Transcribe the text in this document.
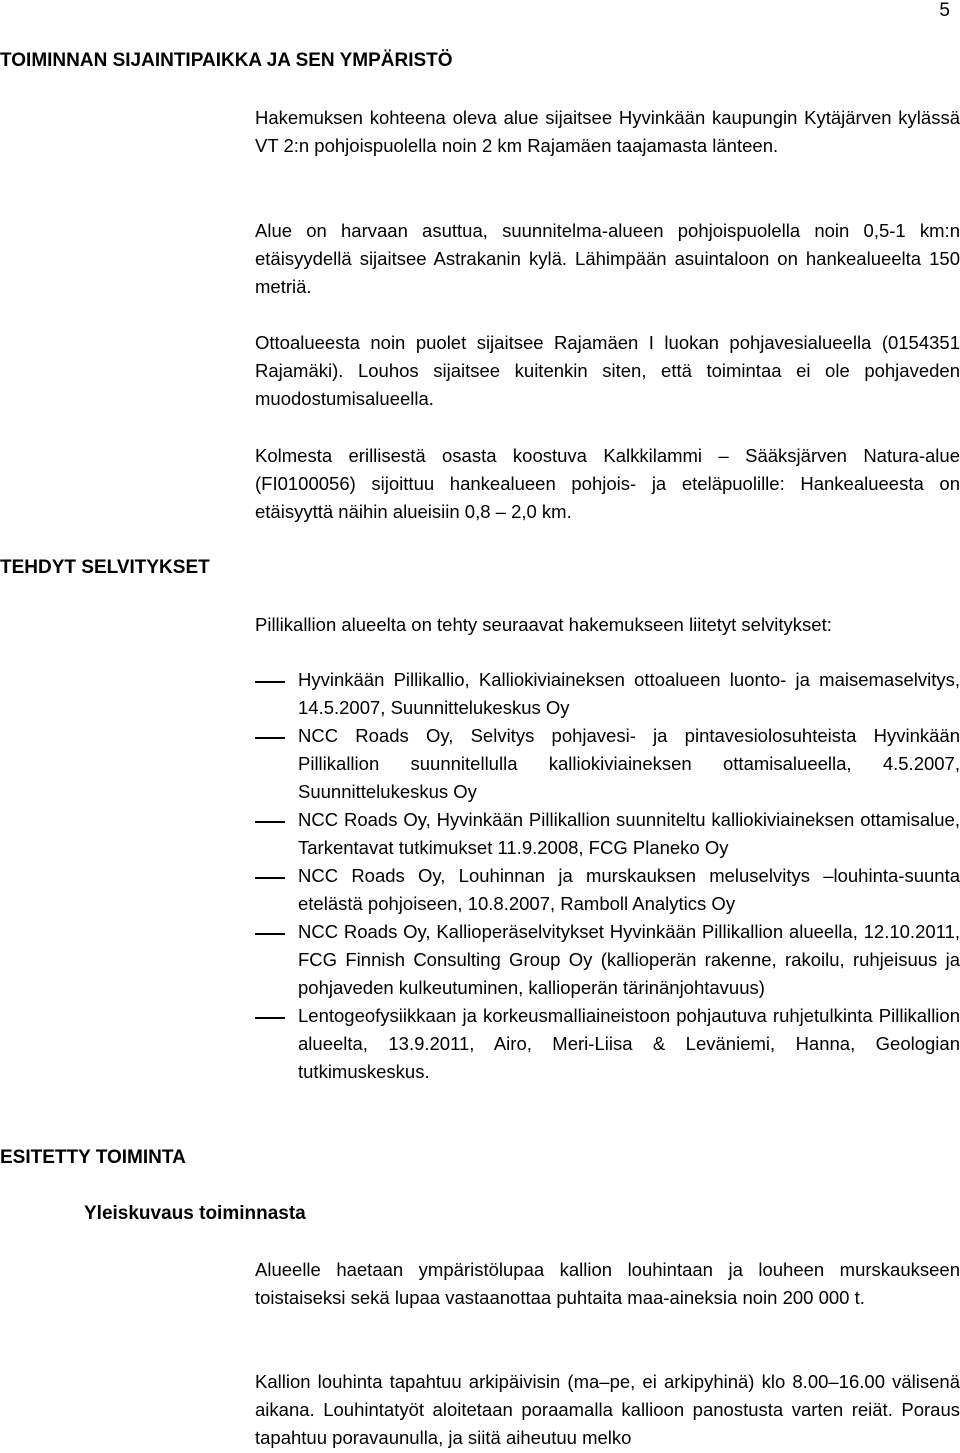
5
TOIMINNAN SIJAINTIPAIKKA JA SEN YMPÄRISTÖ

Hakemuksen kohteena oleva alue sijaitsee Hyvinkään kaupungin Kytäjärven kylässä VT 2:n pohjoispuolella noin 2 km Rajamäen taajamasta länteen.

Alue on harvaan asuttua, suunnitelma-alueen pohjoispuolella noin 0,5-1 km:n etäisyydellä sijaitsee Astrakanin kylä. Lähimpään asuintaloon on hankealueelta 150 metriä.

Ottoalueesta noin puolet sijaitsee Rajamäen I luokan pohjavesialueella (0154351 Rajamäki). Louhos sijaitsee kuitenkin siten, että toimintaa ei ole pohjaveden muodostumisalueella.

Kolmesta erillisestä osasta koostuva Kalkkilammi – Sääksjärven Natura-alue (FI0100056) sijoittuu hankealueen pohjois- ja eteläpuolille: Hankealueesta on etäisyyttä näihin alueisiin 0,8 – 2,0 km.

TEHDYT SELVITYKSET

Pillikallion alueelta on tehty seuraavat hakemukseen liitetyt selvitykset:

Hyvinkään Pillikallio, Kalliokiviaineksen ottoalueen luonto- ja maisemaselvitys, 14.5.2007, Suunnittelukeskus Oy
NCC Roads Oy, Selvitys pohjavesi- ja pintavesiolosuhteista Hyvinkään Pillikallion suunnitellulla kalliokiviaineksen ottamisalueella, 4.5.2007, Suunnittelukeskus Oy
NCC Roads Oy, Hyvinkään Pillikallion suunniteltu kalliokiviaineksen ottamisalue, Tarkentavat tutkimukset 11.9.2008, FCG Planeko Oy
NCC Roads Oy, Louhinnan ja murskauksen meluselvitys –louhinta-suunta etelästä pohjoiseen, 10.8.2007, Ramboll Analytics Oy
NCC Roads Oy, Kallioperäselvitykset Hyvinkään Pillikallion alueella, 12.10.2011, FCG Finnish Consulting Group Oy (kallioperän rakenne, rakoilu, ruhjeisuus ja pohjaveden kulkeutuminen, kallioperän tärinänjohtavuus)
Lentogeofysiikkaan ja korkeusmalliaineistoon pohjautuva ruhjetulkinta Pillikallion alueelta, 13.9.2011, Airo, Meri-Liisa & Leväniemi, Hanna, Geologian tutkimuskeskus.
ESITETTY TOIMINTA
Yleiskuvaus toiminnasta

Alueelle haetaan ympäristölupaa kallion louhintaan ja louheen murskaukseen toistaiseksi sekä lupaa vastaanottaa puhtaita maa-aineksia noin 200 000 t.

Kallion louhinta tapahtuu arkipäivisin (ma–pe, ei arkipyhinä) klo 8.00–16.00 välisenä aikana. Louhintatyöt aloitetaan poraamalla kallioon panostusta varten reiät. Poraus tapahtuu poravaunulla, ja siitä aiheutuu melko
